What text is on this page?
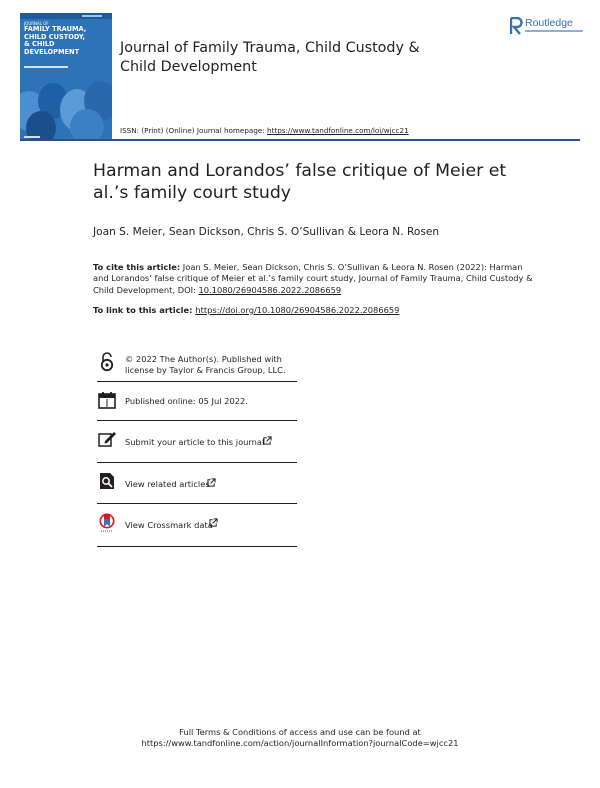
JOURNAL OF
FAMILY TRAUMA,
CHILD CUSTODY,
& CHILD DEVELOPMENT	Journal of Family Trauma, Child Custody & Child Development
ISSN: (Print) (Online) Journal homepage: https://www.tandfonline.com/loi/wjcc21
Routledge
Harman and Lorandos’ false critique of Meier et al.’s family court study
Joan S. Meier, Sean Dickson, Chris S. O’Sullivan & Leora N. Rosen
To cite this article: Joan S. Meier, Sean Dickson, Chris S. O’Sullivan & Leora N. Rosen (2022): Harman and Lorandos’ false critique of Meier et al.’s family court study, Journal of Family Trauma, Child Custody & Child Development, DOI: 10.1080/26904586.2022.2086659
To link to this article: https://doi.org/10.1080/26904586.2022.2086659
© 2022 The Author(s). Published with
license by Taylor & Francis Group, LLC.
Published online: 05 Jul 2022.
Submit your article to this journal
View related articles
View Crossmark data
Full Terms & Conditions of access and use can be found at
https://www.tandfonline.com/action/journalInformation?journalCode=wjcc21
